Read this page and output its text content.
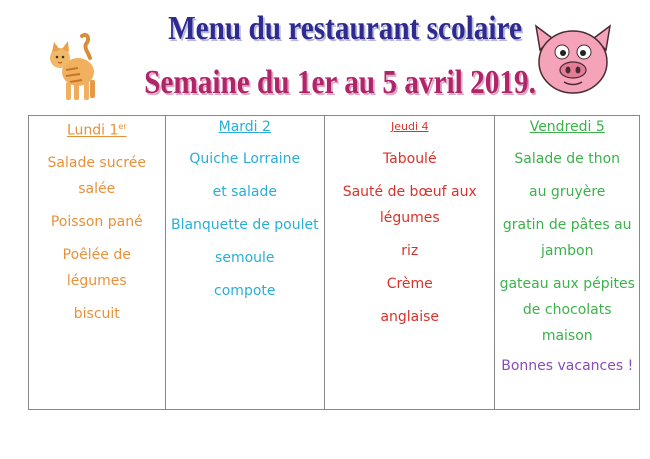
Menu du restaurant scolaire
Semaine du 1er au 5 avril 2019.
Lundi 1er
Salade sucrée salée
Poisson pané
Poêlée de légumes
biscuit
Mardi 2
Quiche Lorraine
et salade
Blanquette de poulet
semoule
compote
Jeudi 4
Taboulé
Sauté de bœuf aux légumes
riz
Crème
anglaise
Vendredi 5
Salade de thon
au gruyère
gratin de pâtes au jambon
gateau aux pépites de chocolats maison
Bonnes vacances !
